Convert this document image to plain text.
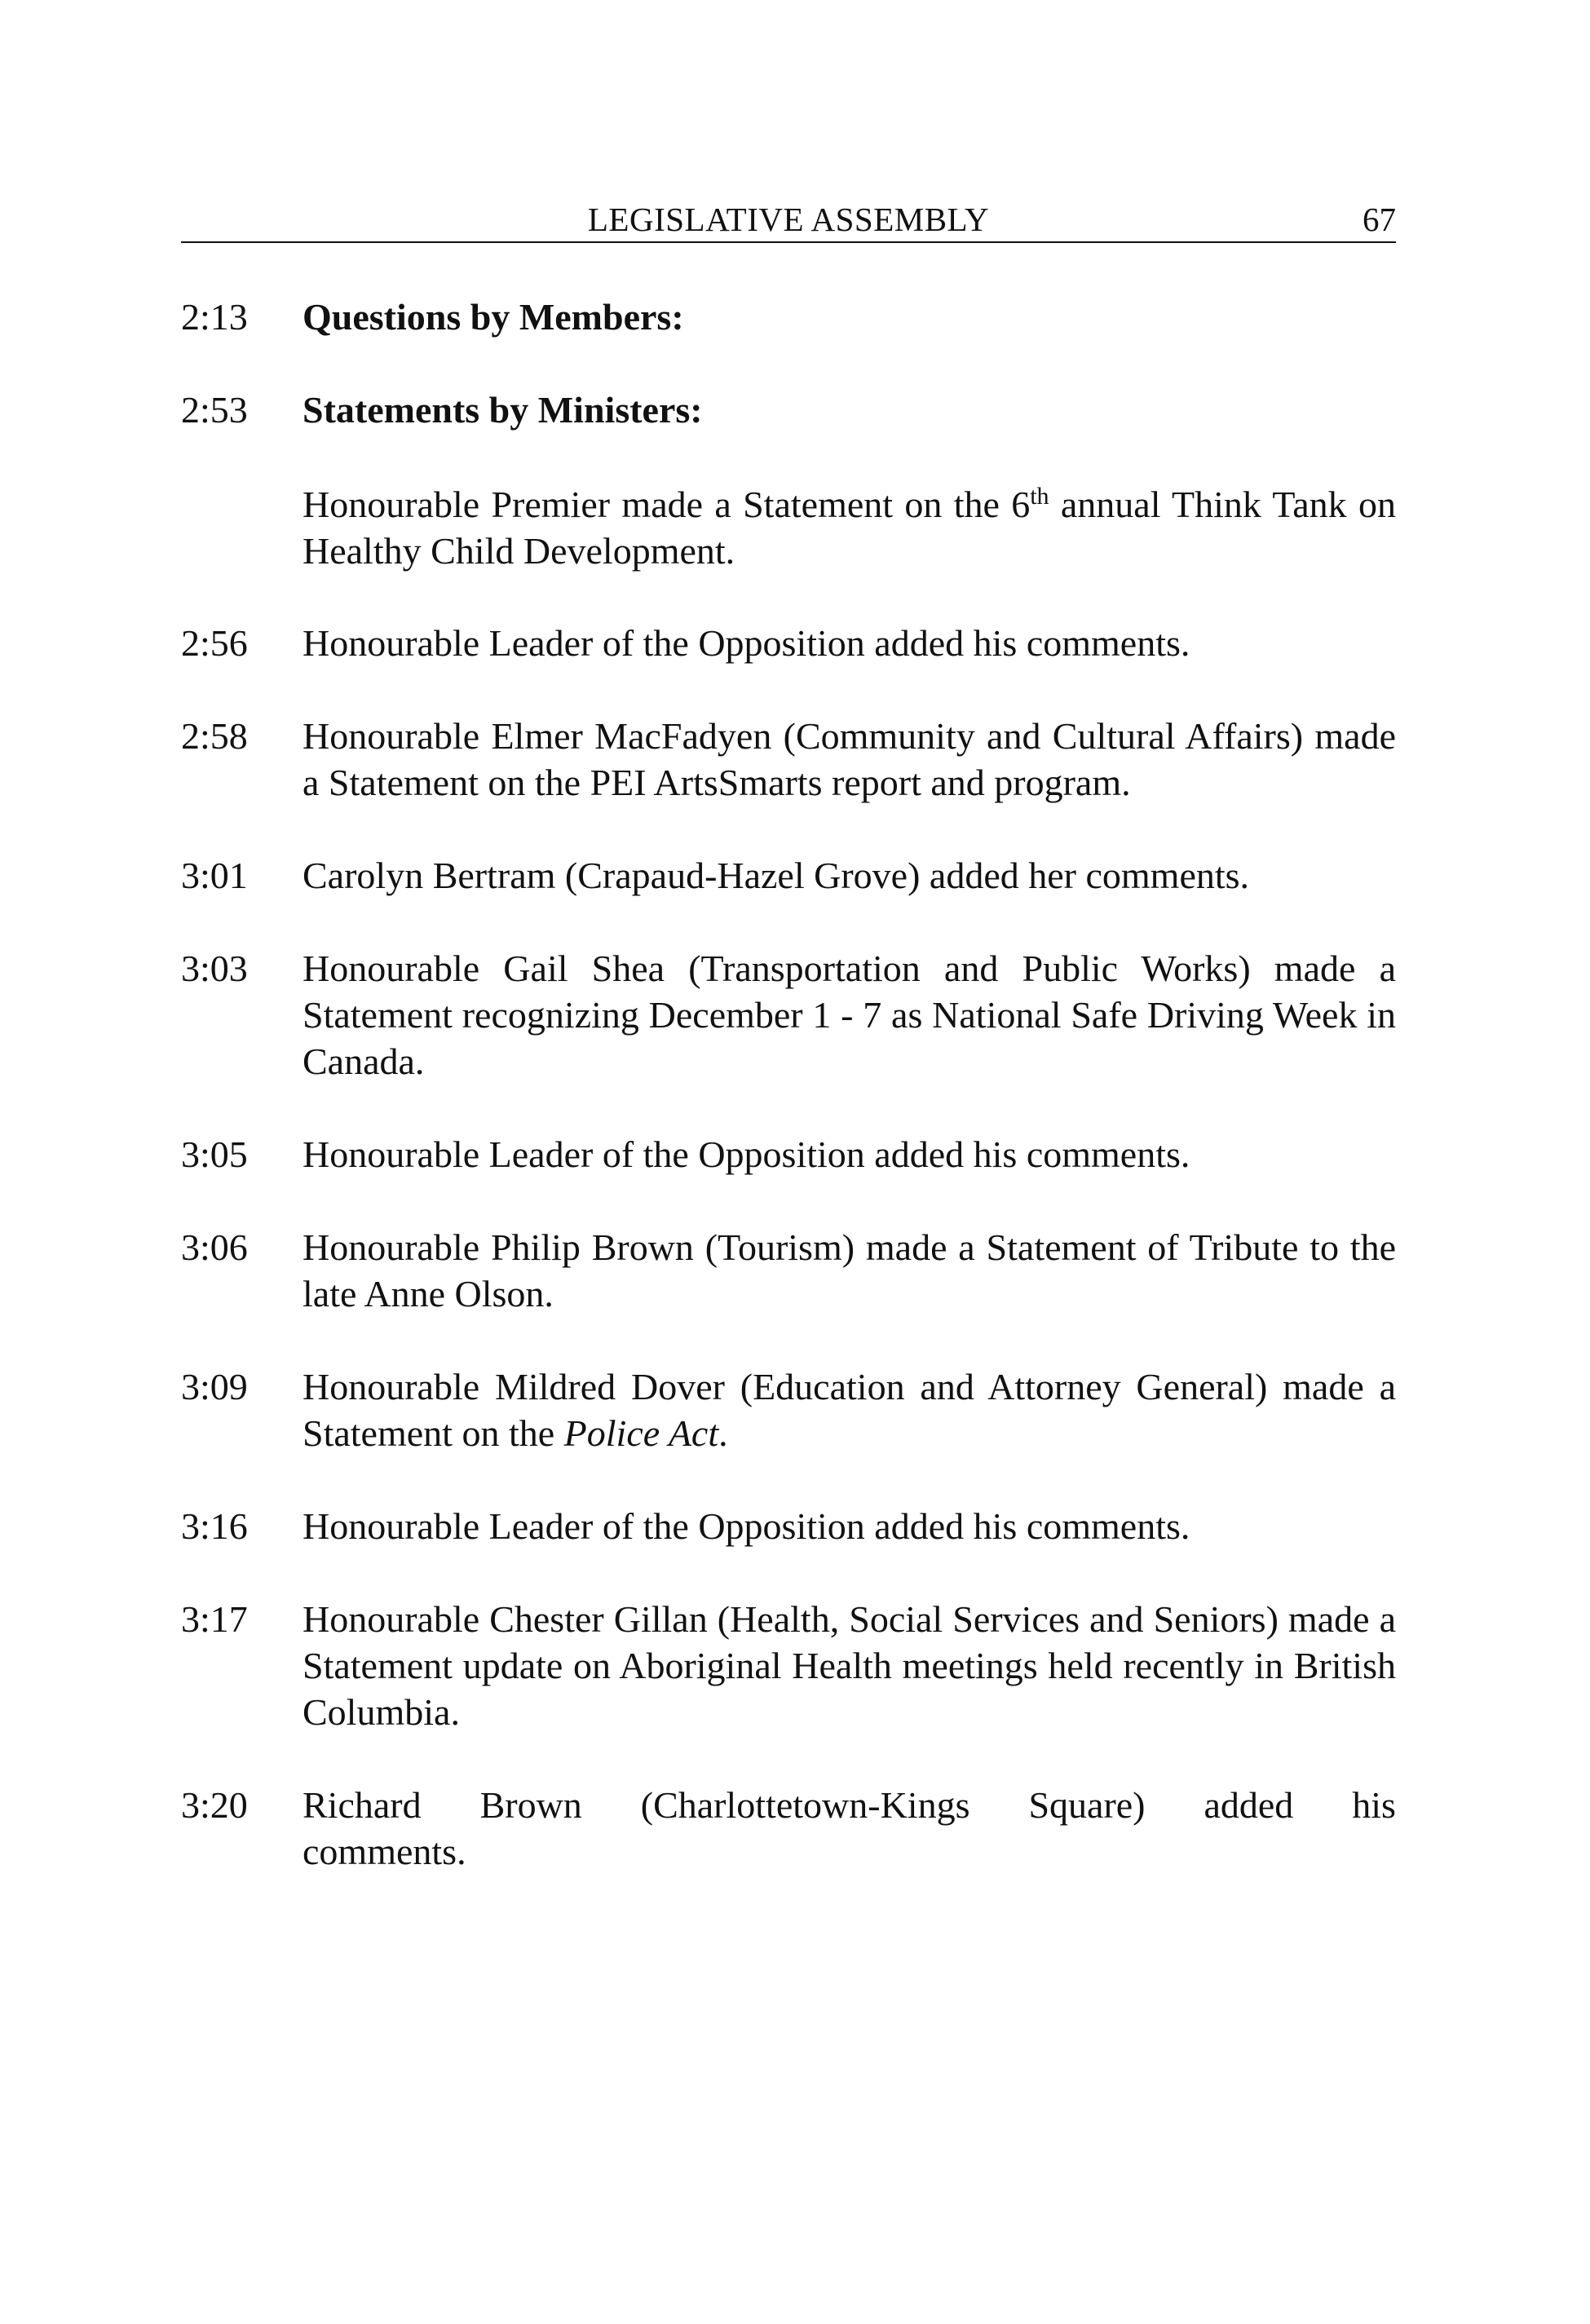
LEGISLATIVE ASSEMBLY	67
2:13 Questions by Members:
2:53 Statements by Ministers:
Honourable Premier made a Statement on the 6th annual Think Tank on Healthy Child Development.
2:56 Honourable Leader of the Opposition added his comments.
2:58 Honourable Elmer MacFadyen (Community and Cultural Affairs) made a Statement on the PEI ArtsSmarts report and program.
3:01 Carolyn Bertram (Crapaud-Hazel Grove) added her comments.
3:03 Honourable Gail Shea (Transportation and Public Works) made a Statement recognizing December 1 - 7 as National Safe Driving Week in Canada.
3:05 Honourable Leader of the Opposition added his comments.
3:06 Honourable Philip Brown (Tourism) made a Statement of Tribute to the late Anne Olson.
3:09 Honourable Mildred Dover (Education and Attorney General) made a Statement on the Police Act.
3:16 Honourable Leader of the Opposition added his comments.
3:17 Honourable Chester Gillan (Health, Social Services and Seniors) made a Statement update on Aboriginal Health meetings held recently in British Columbia.
3:20 Richard Brown (Charlottetown-Kings Square) added his
comments.
